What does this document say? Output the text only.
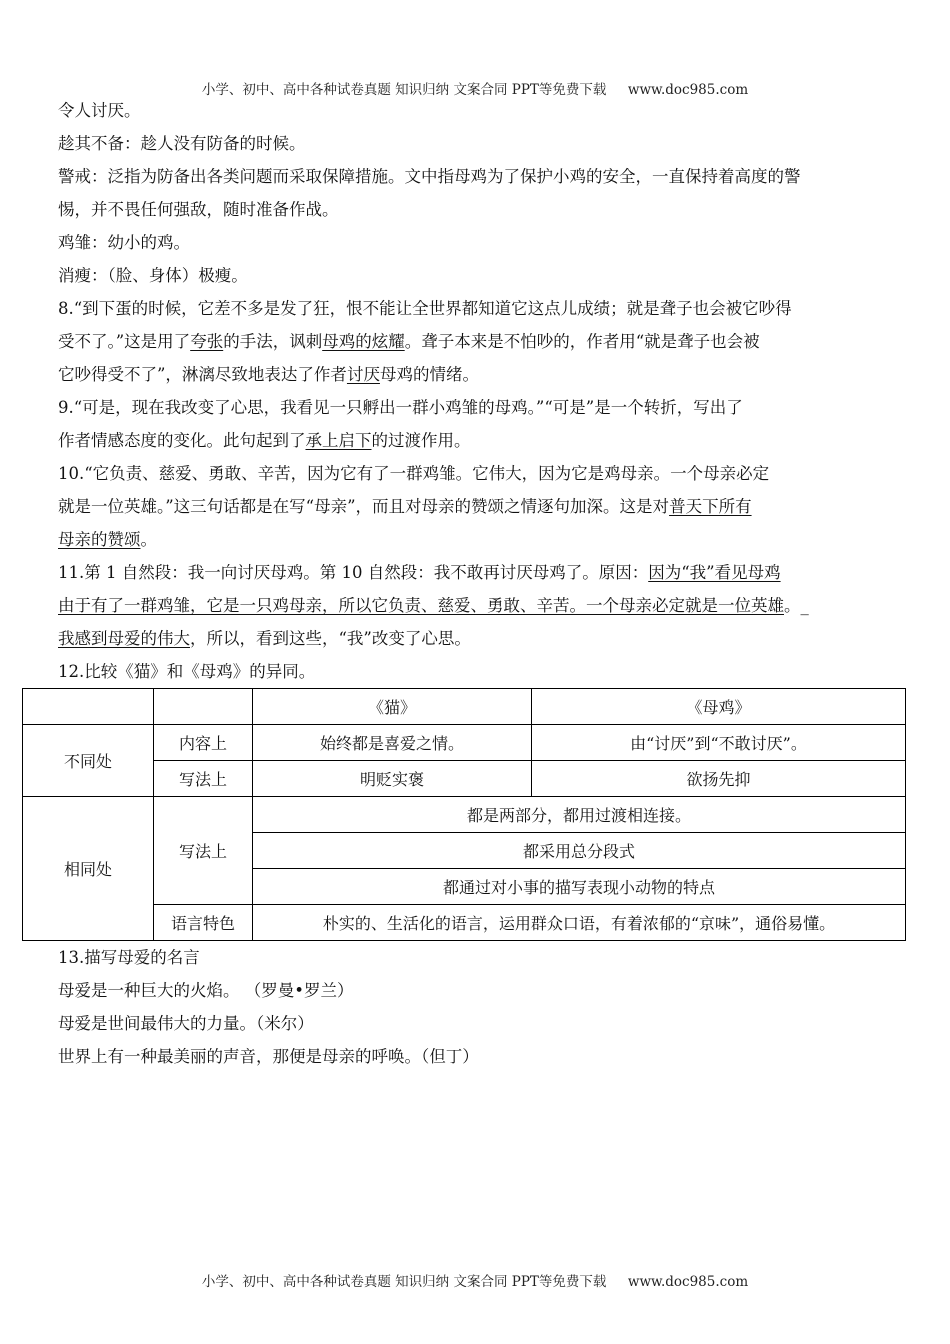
小学、初中、高中各种试卷真题 知识归纳 文案合同 PPT等免费下载 www.doc985.com

令人讨厌。

趁其不备：趁人没有防备的时候。

警戒：泛指为防备出各类问题而采取保障措施。文中指母鸡为了保护小鸡的安全，一直保持着高度的警

惕，并不畏任何强敌，随时准备作战。

鸡雏：幼小的鸡。

消瘦：（脸、身体）极瘦。

8.“到下蛋的时候，它差不多是发了狂，恨不能让全世界都知道它这点儿成绩；就是聋子也会被它吵得

受不了。”这是用了夸张的手法，讽刺母鸡的炫耀。聋子本来是不怕吵的，作者用“就是聋子也会被

它吵得受不了”，淋漓尽致地表达了作者讨厌母鸡的情绪。

9.“可是，现在我改变了心思，我看见一只孵出一群小鸡雏的母鸡。”“可是”是一个转折，写出了

作者情感态度的变化。此句起到了承上启下的过渡作用。

10.“它负责、慈爱、勇敢、辛苦，因为它有了一群鸡雏。它伟大，因为它是鸡母亲。一个母亲必定

就是一位英雄。”这三句话都是在写“母亲”，而且对母亲的赞颂之情逐句加深。这是对普天下所有

母亲的赞颂。

11.第 1 自然段：我一向讨厌母鸡。第 10 自然段：我不敢再讨厌母鸡了。原因：因为“我”看见母鸡

由于有了一群鸡雏，它是一只鸡母亲，所以它负责、慈爱、勇敢、辛苦。一个母亲必定就是一位英雄。_

我感到母爱的伟大，所以，看到这些，“我”改变了心思。

12.比较《猫》和《母鸡》的异同。

		《猫》	《母鸡》
不同处	内容上	始终都是喜爱之情。	由“讨厌”到“不敢讨厌”。
	写法上	明贬实褒	欲扬先抑
相同处	写法上	都是两部分，都用过渡相连接。	
		都采用总分段式	
		都通过对小事的描写表现小动物的特点	
	语言特色	朴实的、生活化的语言，运用群众口语，有着浓郁的“京味”，通俗易懂。	

13.描写母爱的名言

母爱是一种巨大的火焰。 （罗曼•罗兰）

母爱是世间最伟大的力量。（米尔）

世界上有一种最美丽的声音，那便是母亲的呼唤。（但丁）

小学、初中、高中各种试卷真题 知识归纳 文案合同 PPT等免费下载 www.doc985.com
